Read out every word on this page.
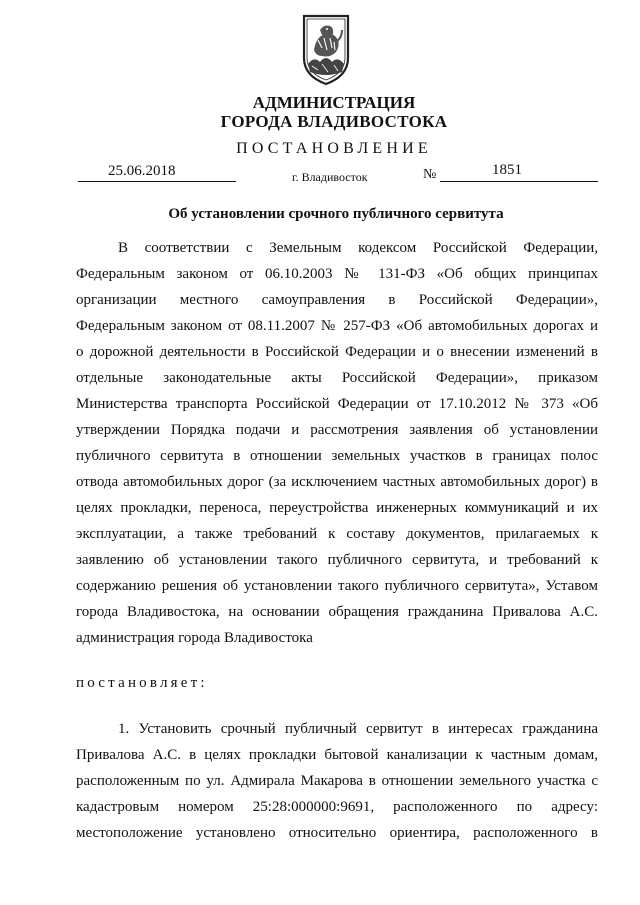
АДМИНИСТРАЦИЯ
ГОРОДА ВЛАДИВОСТОКА
ПОСТАНОВЛЕНИЕ
25.06.2018	г. Владивосток	№	1851
Об установлении срочного публичного сервитута
В соответствии с Земельным кодексом Российской Федерации,
Федеральным законом от 06.10.2003 № 131-ФЗ «Об общих принципах
организации местного самоуправления в Российской Федерации»,
Федеральным законом от 08.11.2007 № 257-ФЗ «Об автомобильных дорогах и
о дорожной деятельности в Российской Федерации и о внесении изменений в
отдельные законодательные акты Российской Федерации», приказом
Министерства транспорта Российской Федерации от 17.10.2012 № 373 «Об
утверждении Порядка подачи и рассмотрения заявления об установлении
публичного сервитута в отношении земельных участков в границах полос
отвода автомобильных дорог (за исключением частных автомобильных дорог) в
целях прокладки, переноса, переустройства инженерных коммуникаций и их
эксплуатации, а также требований к составу документов, прилагаемых к
заявлению об установлении такого публичного сервитута, и требований к
содержанию решения об установлении такого публичного сервитута», Уставом
города Владивостока, на основании обращения гражданина Привалова А.С.
администрация города Владивостока
постановляет:
1. Установить срочный публичный сервитут в интересах гражданина
Привалова А.С. в целях прокладки бытовой канализации к частным домам,
расположенным по ул. Адмирала Макарова в отношении земельного участка с
кадастровым номером 25:28:000000:9691, расположенного по адресу:
местоположение установлено относительно ориентира, расположенного в
